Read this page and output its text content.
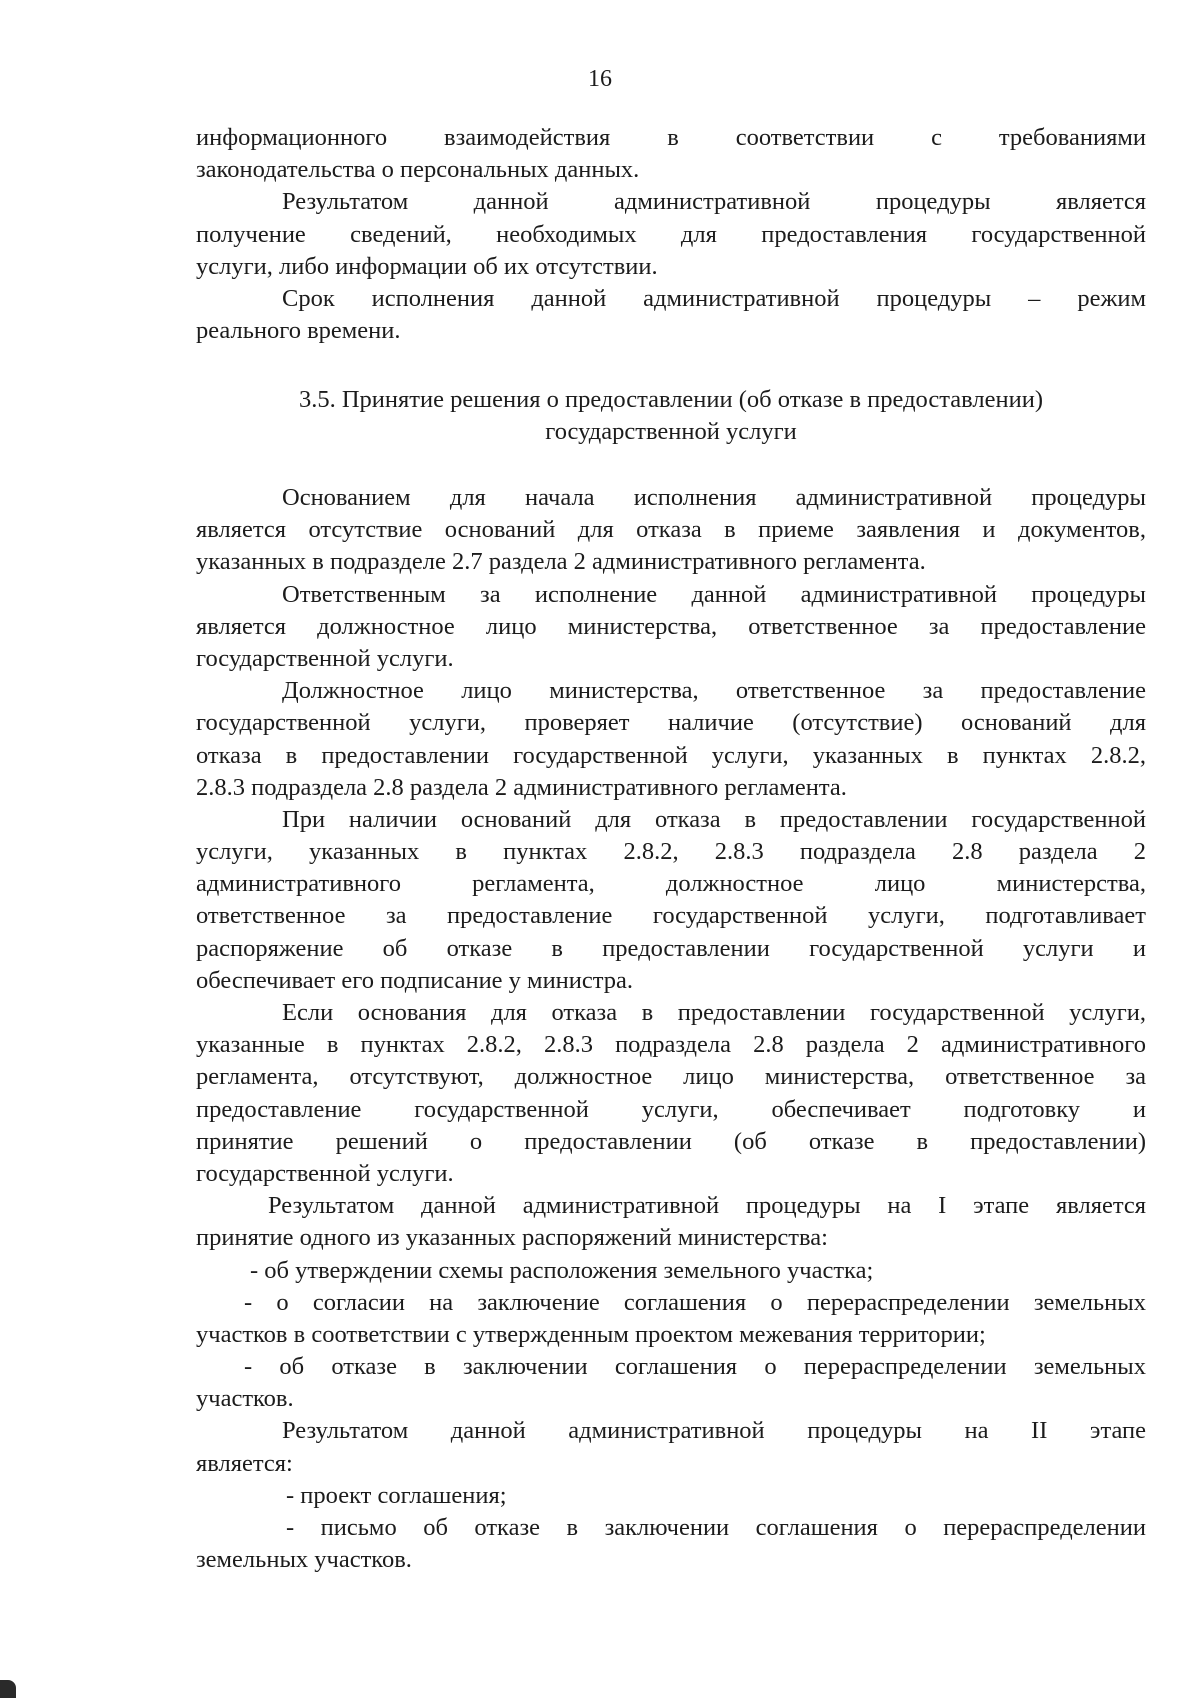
16
информационного взаимодействия в соответствии с требованиями
законодательства о персональных данных.
Результатом данной административной процедуры является
получение сведений, необходимых для предоставления государственной
услуги, либо информации об их отсутствии.
Срок исполнения данной административной процедуры – режим
реального времени.
3.5. Принятие решения о предоставлении (об отказе в предоставлении)
государственной услуги
Основанием для начала исполнения административной процедуры
является отсутствие оснований для отказа в приеме заявления и документов,
указанных в подразделе 2.7 раздела 2 административного регламента.
Ответственным за исполнение данной административной процедуры
является должностное лицо министерства, ответственное за предоставление
государственной услуги.
Должностное лицо министерства, ответственное за предоставление
государственной услуги, проверяет наличие (отсутствие) оснований для
отказа в предоставлении государственной услуги, указанных в пунктах 2.8.2,
2.8.3 подраздела 2.8 раздела 2 административного регламента.
При наличии оснований для отказа в предоставлении государственной
услуги, указанных в пунктах 2.8.2, 2.8.3 подраздела 2.8 раздела 2
административного регламента, должностное лицо министерства,
ответственное за предоставление государственной услуги, подготавливает
распоряжение об отказе в предоставлении государственной услуги и
обеспечивает его подписание у министра.
Если основания для отказа в предоставлении государственной услуги,
указанные в пунктах 2.8.2, 2.8.3 подраздела 2.8 раздела 2 административного
регламента, отсутствуют, должностное лицо министерства, ответственное за
предоставление государственной услуги, обеспечивает подготовку и
принятие решений о предоставлении (об отказе в предоставлении)
государственной услуги.
Результатом данной административной процедуры на I этапе является
принятие одного из указанных распоряжений министерства:
- об утверждении схемы расположения земельного участка;
- о согласии на заключение соглашения о перераспределении земельных
участков в соответствии с утвержденным проектом межевания территории;
- об отказе в заключении соглашения о перераспределении земельных
участков.
Результатом данной административной процедуры на II этапе
является:
- проект соглашения;
- письмо об отказе в заключении соглашения о перераспределении
земельных участков.
